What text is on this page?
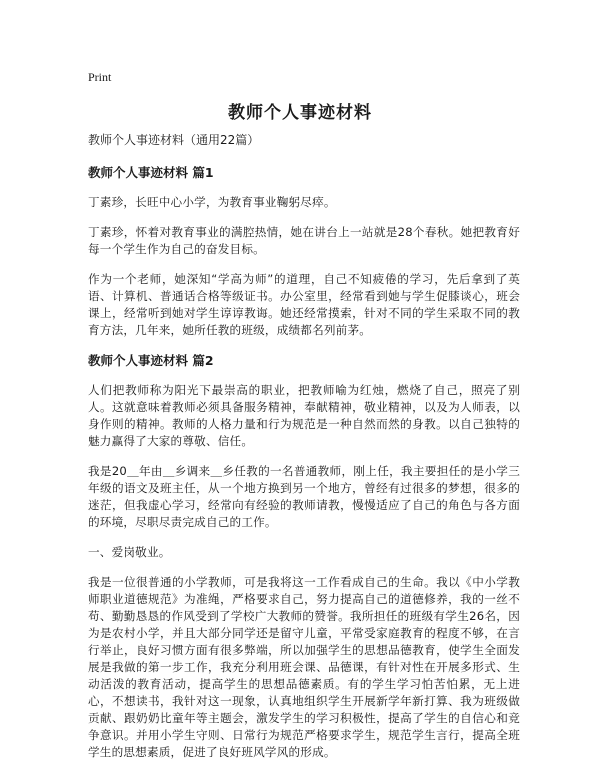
Print
教师个人事迹材料

教师个人事迹材料（通用22篇）

教师个人事迹材料 篇1

丁素珍，长旺中心小学，为教育事业鞠躬尽瘁。

丁素珍，怀着对教育事业的满腔热情，她在讲台上一站就是28个春秋。她把教育好每一个学生作为自己的奋发目标。

作为一个老师，她深知“学高为师”的道理，自己不知疲倦的学习，先后拿到了英语、计算机、普通话合格等级证书。办公室里，经常看到她与学生促膝谈心，班会课上，经常听到她对学生谆谆教诲。她还经常摸索，针对不同的学生采取不同的教育方法，几年来，她所任教的班级，成绩都名列前茅。

教师个人事迹材料 篇2

人们把教师称为阳光下最崇高的职业，把教师喻为红烛，燃烧了自己，照亮了别人。这就意味着教师必须具备服务精神，奉献精神，敬业精神，以及为人师表，以身作则的精神。教师的人格力量和行为规范是一种自然而然的身教。以自己独特的魅力赢得了大家的尊敬、信任。

我是20＿年由＿乡调来＿乡任教的一名普通教师，刚上任，我主要担任的是小学三年级的语文及班主任，从一个地方换到另一个地方，曾经有过很多的梦想，很多的迷茫，但我虚心学习，经常向有经验的教师请教，慢慢适应了自己的角色与各方面的环境，尽职尽责完成自己的工作。

一、爱岗敬业。

我是一位很普通的小学教师，可是我将这一工作看成自己的生命。我以《中小学教师职业道德规范》为准绳，严格要求自己，努力提高自己的道德修养，我的一丝不苟、勤勤恳恳的作风受到了学校广大教师的赞誉。我所担任的班级有学生26名，因为是农村小学，并且大部分同学还是留守儿童，平常受家庭教育的程度不够，在言行举止，良好习惯方面有很多弊端，所以加强学生的思想品德教育，使学生全面发展是我做的第一步工作，我充分利用班会课、品德课，有针对性在开展多形式、生动活泼的教育活动，提高学生的思想品德素质。有的学生学习怕苦怕累，无上进心，不想读书，我针对这一现象，认真地组织学生开展新学年新打算、我为班级做贡献、跟奶奶比童年等主题会，激发学生的学习积极性，提高了学生的自信心和竞争意识。并用小学生守则、日常行为规范严格要求学生，规范学生言行，提高全班学生的思想素质，促进了良好班风学风的形成。
